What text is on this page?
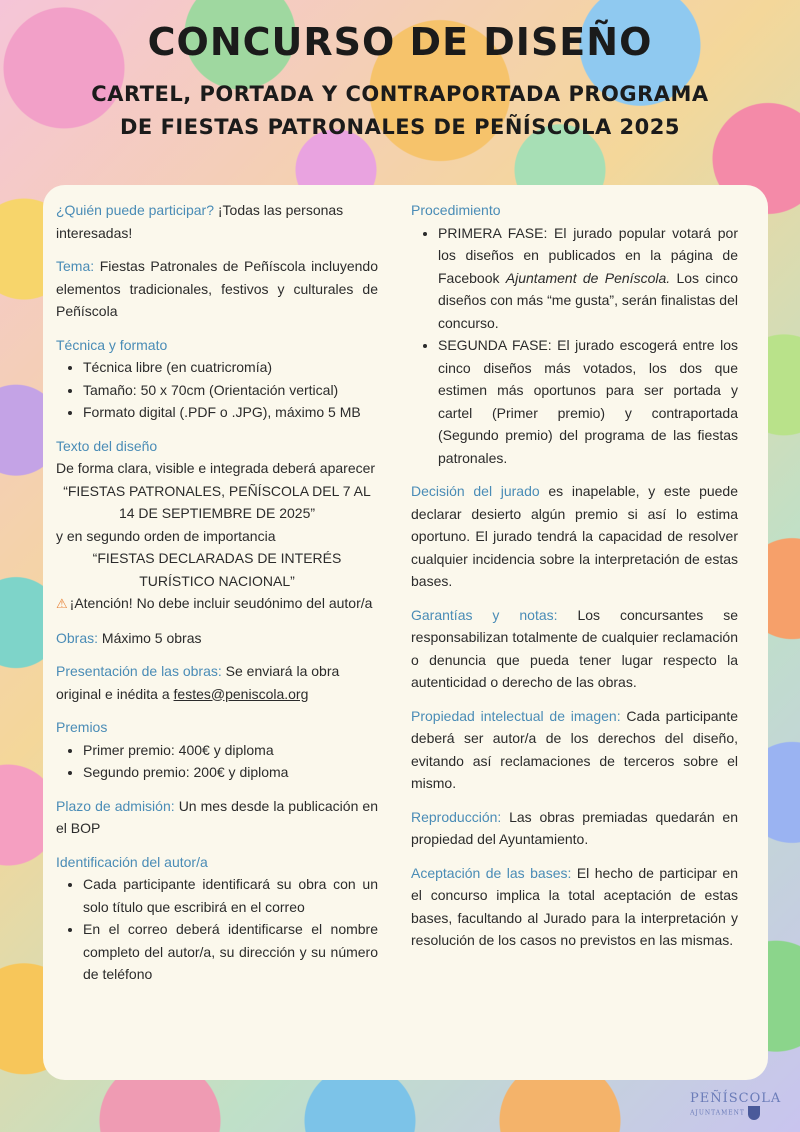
CONCURSO DE DISEÑO
CARTEL, PORTADA Y CONTRAPORTADA PROGRAMA
DE FIESTAS PATRONALES DE PEÑÍSCOLA 2025
¿Quién puede participar? ¡Todas las personas interesadas!
Tema: Fiestas Patronales de Peñíscola incluyendo elementos tradicionales, festivos y culturales de Peñíscola
Técnica y formato
• Técnica libre (en cuatricromía)
• Tamaño: 50 x 70cm (Orientación vertical)
• Formato digital (.PDF o .JPG), máximo 5 MB
Texto del diseño
De forma clara, visible e integrada deberá aparecer
“FIESTAS PATRONALES, PEÑÍSCOLA DEL 7 AL 14 DE SEPTIEMBRE DE 2025”
y en segundo orden de importancia
“FIESTAS DECLARADAS DE INTERÉS TURÍSTICO NACIONAL”
⚠ ¡Atención! No debe incluir seudónimo del autor/a
Obras: Máximo 5 obras
Presentación de las obras: Se enviará la obra original e inédita a festes@peniscola.org
Premios
• Primer premio: 400€ y diploma
• Segundo premio: 200€ y diploma
Plazo de admisión: Un mes desde la publicación en el BOP
Identificación del autor/a
• Cada participante identificará su obra con un solo título que escribirá en el correo
• En el correo deberá identificarse el nombre completo del autor/a, su dirección y su número de teléfono
Procedimiento
• PRIMERA FASE: El jurado popular votará por los diseños en publicados en la página de Facebook Ajuntament de Peníscola. Los cinco diseños con más “me gusta”, serán finalistas del concurso.
• SEGUNDA FASE: El jurado escogerá entre los cinco diseños más votados, los dos que estimen más oportunos para ser portada y cartel (Primer premio) y contraportada (Segundo premio) del programa de las fiestas patronales.
Decisión del jurado es inapelable, y este puede declarar desierto algún premio si así lo estima oportuno. El jurado tendrá la capacidad de resolver cualquier incidencia sobre la interpretación de estas bases.
Garantías y notas: Los concursantes se responsabilizan totalmente de cualquier reclamación o denuncia que pueda tener lugar respecto la autenticidad o derecho de las obras.
Propiedad intelectual de imagen: Cada participante deberá ser autor/a de los derechos del diseño, evitando así reclamaciones de terceros sobre el mismo.
Reproducción: Las obras premiadas quedarán en propiedad del Ayuntamiento.
Aceptación de las bases: El hecho de participar en el concurso implica la total aceptación de estas bases, facultando al Jurado para la interpretación y resolución de los casos no previstos en las mismas.
PEÑÍSCOLA
AJUNTAMENT
